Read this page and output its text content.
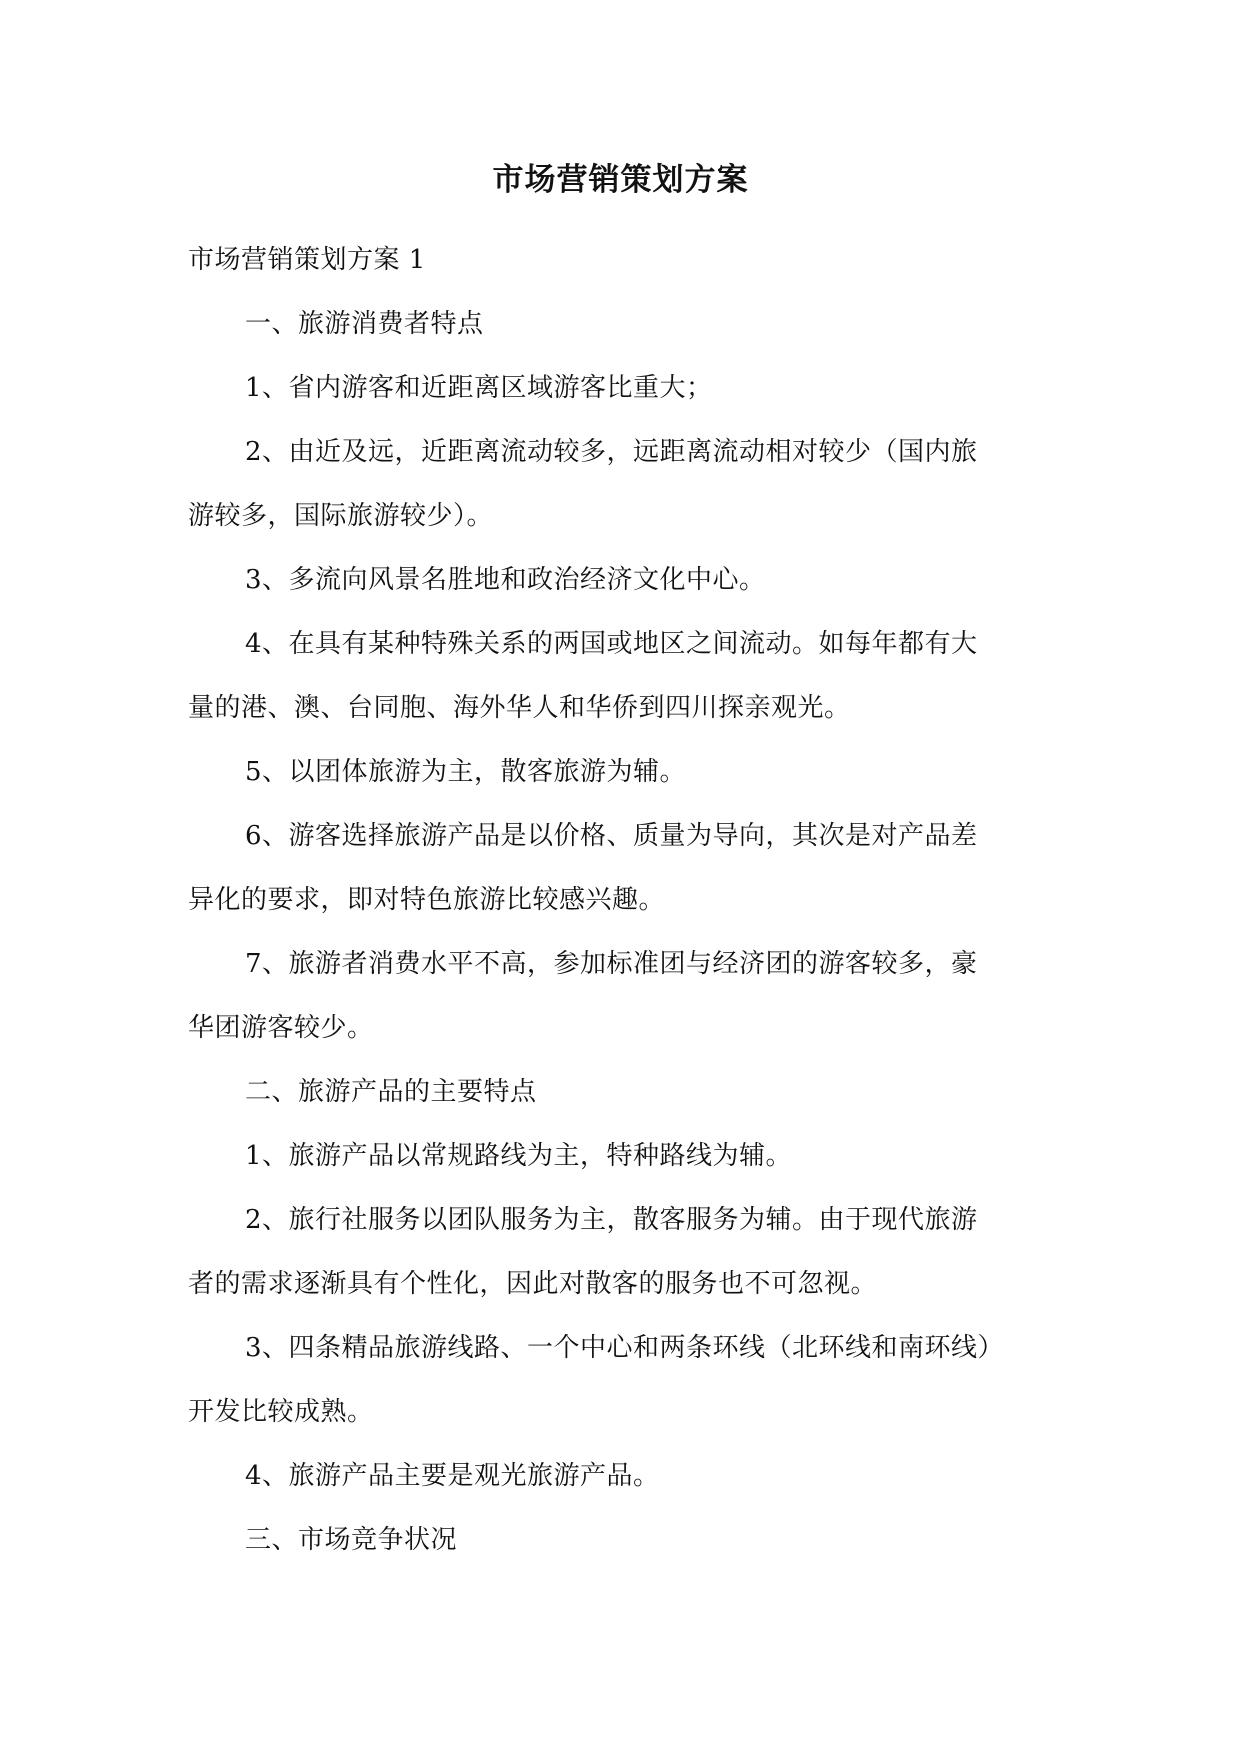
市场营销策划方案
市场营销策划方案 1
一、旅游消费者特点
1、省内游客和近距离区域游客比重大；
2、由近及远，近距离流动较多，远距离流动相对较少（国内旅
游较多，国际旅游较少）。
3、多流向风景名胜地和政治经济文化中心。
4、在具有某种特殊关系的两国或地区之间流动。如每年都有大
量的港、澳、台同胞、海外华人和华侨到四川探亲观光。
5、以团体旅游为主，散客旅游为辅。
6、游客选择旅游产品是以价格、质量为导向，其次是对产品差
异化的要求，即对特色旅游比较感兴趣。
7、旅游者消费水平不高，参加标准团与经济团的游客较多，豪
华团游客较少。
二、旅游产品的主要特点
1、旅游产品以常规路线为主，特种路线为辅。
2、旅行社服务以团队服务为主，散客服务为辅。由于现代旅游
者的需求逐渐具有个性化，因此对散客的服务也不可忽视。
3、四条精品旅游线路、一个中心和两条环线（北环线和南环线）
开发比较成熟。
4、旅游产品主要是观光旅游产品。
三、市场竞争状况
